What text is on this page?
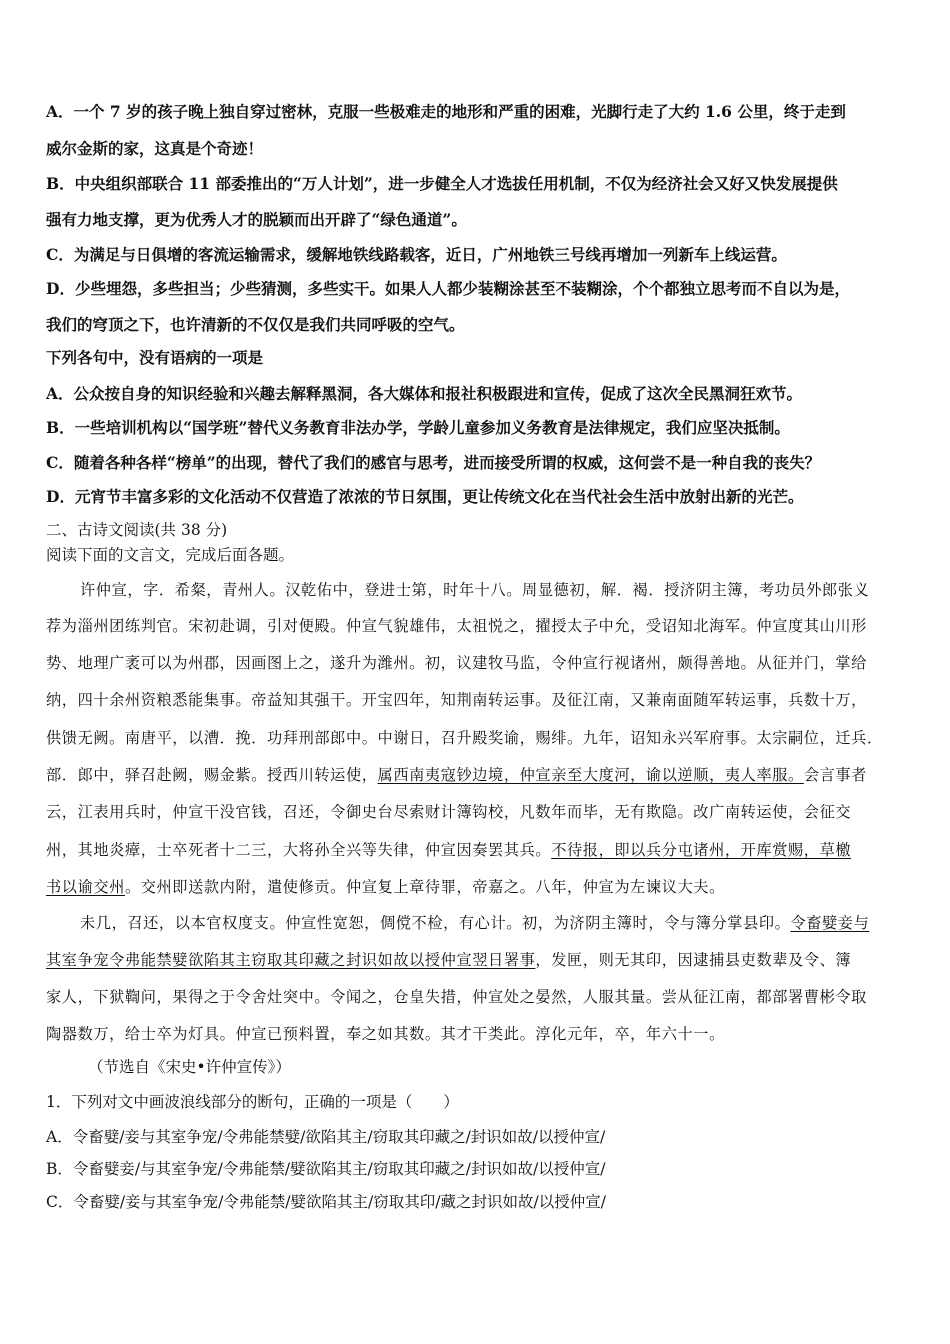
A．一个 7 岁的孩子晚上独自穿过密林，克服一些极难走的地形和严重的困难，光脚行走了大约 1.6 公里，终于走到
威尔金斯的家，这真是个奇迹！
B．中央组织部联合 11 部委推出的“万人计划”，进一步健全人才选拔任用机制，不仅为经济社会又好又快发展提供
强有力地支撑，更为优秀人才的脱颖而出开辟了“绿色通道”。
C．为满足与日俱增的客流运输需求，缓解地铁线路载客，近日，广州地铁三号线再增加一列新车上线运营。
D．少些埋怨，多些担当；少些猜测，多些实干。如果人人都少装糊涂甚至不装糊涂，个个都独立思考而不自以为是，
我们的穹顶之下，也许清新的不仅仅是我们共同呼吸的空气。
下列各句中，没有语病的一项是
A．公众按自身的知识经验和兴趣去解释黑洞，各大媒体和报社积极跟进和宣传，促成了这次全民黑洞狂欢节。
B．一些培训机构以“国学班”替代义务教育非法办学，学龄儿童参加义务教育是法律规定，我们应坚决抵制。
C．随着各种各样“榜单”的出现，替代了我们的感官与思考，进而接受所谓的权威，这何尝不是一种自我的丧失？
D．元宵节丰富多彩的文化活动不仅营造了浓浓的节日氛围，更让传统文化在当代社会生活中放射出新的光芒。
二、古诗文阅读(共 38 分)
阅读下面的文言文，完成后面各题。
许仲宣，字．希粲，青州人。汉乾佑中，登进士第，时年十八。周显德初，解．褐．授济阴主簿，考功员外郎张义
荐为淄州团练判官。宋初赴调，引对便殿。仲宣气貌雄伟，太祖悦之，擢授太子中允，受诏知北海军。仲宣度其山川形
势、地理广袤可以为州郡，因画图上之，遂升为潍州。初，议建牧马监，令仲宣行视诸州，颇得善地。从征并门，掌给
纳，四十余州资粮悉能集事。帝益知其强干。开宝四年，知荆南转运事。及征江南，又兼南面随军转运事，兵数十万，
供馈无阙。南唐平，以漕．挽．功拜刑部郎中。中谢日，召升殿奖谕，赐绯。九年，诏知永兴军府事。太宗嗣位，迁兵．
部．郎中，驿召赴阙，赐金紫。授西川转运使，属西南夷寇钞边境，仲宣亲至大度河，谕以逆顺，夷人率服。会言事者
云，江表用兵时，仲宣干没官钱，召还，令御史台尽索财计簿钩校，凡数年而毕，无有欺隐。改广南转运使，会征交
州，其地炎瘴，士卒死者十二三，大将孙全兴等失律，仲宣因奏罢其兵。不待报，即以兵分屯诸州，开库赏赐，草檄
书以谕交州。交州即送款内附，遣使修贡。仲宣复上章待罪，帝嘉之。八年，仲宣为左谏议大夫。
未几，召还，以本官权度支。仲宣性宽恕，倜傥不检，有心计。初，为济阴主簿时，令与簿分掌县印。令畜嬖妾与
其室争宠令弗能禁嬖欲陷其主窃取其印藏之封识如故以授仲宣翌日署事，发匣，则无其印，因逮捕县吏数辈及令、簿
家人，下狱鞫问，果得之于令舍灶突中。令闻之，仓皇失措，仲宣处之晏然，人服其量。尝从征江南，都部署曹彬令取
陶器数万，给士卒为灯具。仲宣已预料置，奉之如其数。其才干类此。淳化元年，卒，年六十一。
（节选自《宋史•许仲宣传》）
1．下列对文中画波浪线部分的断句，正确的一项是（　　）
A．令畜嬖/妾与其室争宠/令弗能禁嬖/欲陷其主/窃取其印藏之/封识如故/以授仲宣/
B．令畜嬖妾/与其室争宠/令弗能禁/嬖欲陷其主/窃取其印藏之/封识如故/以授仲宣/
C．令畜嬖/妾与其室争宠/令弗能禁/嬖欲陷其主/窃取其印/藏之封识如故/以授仲宣/
